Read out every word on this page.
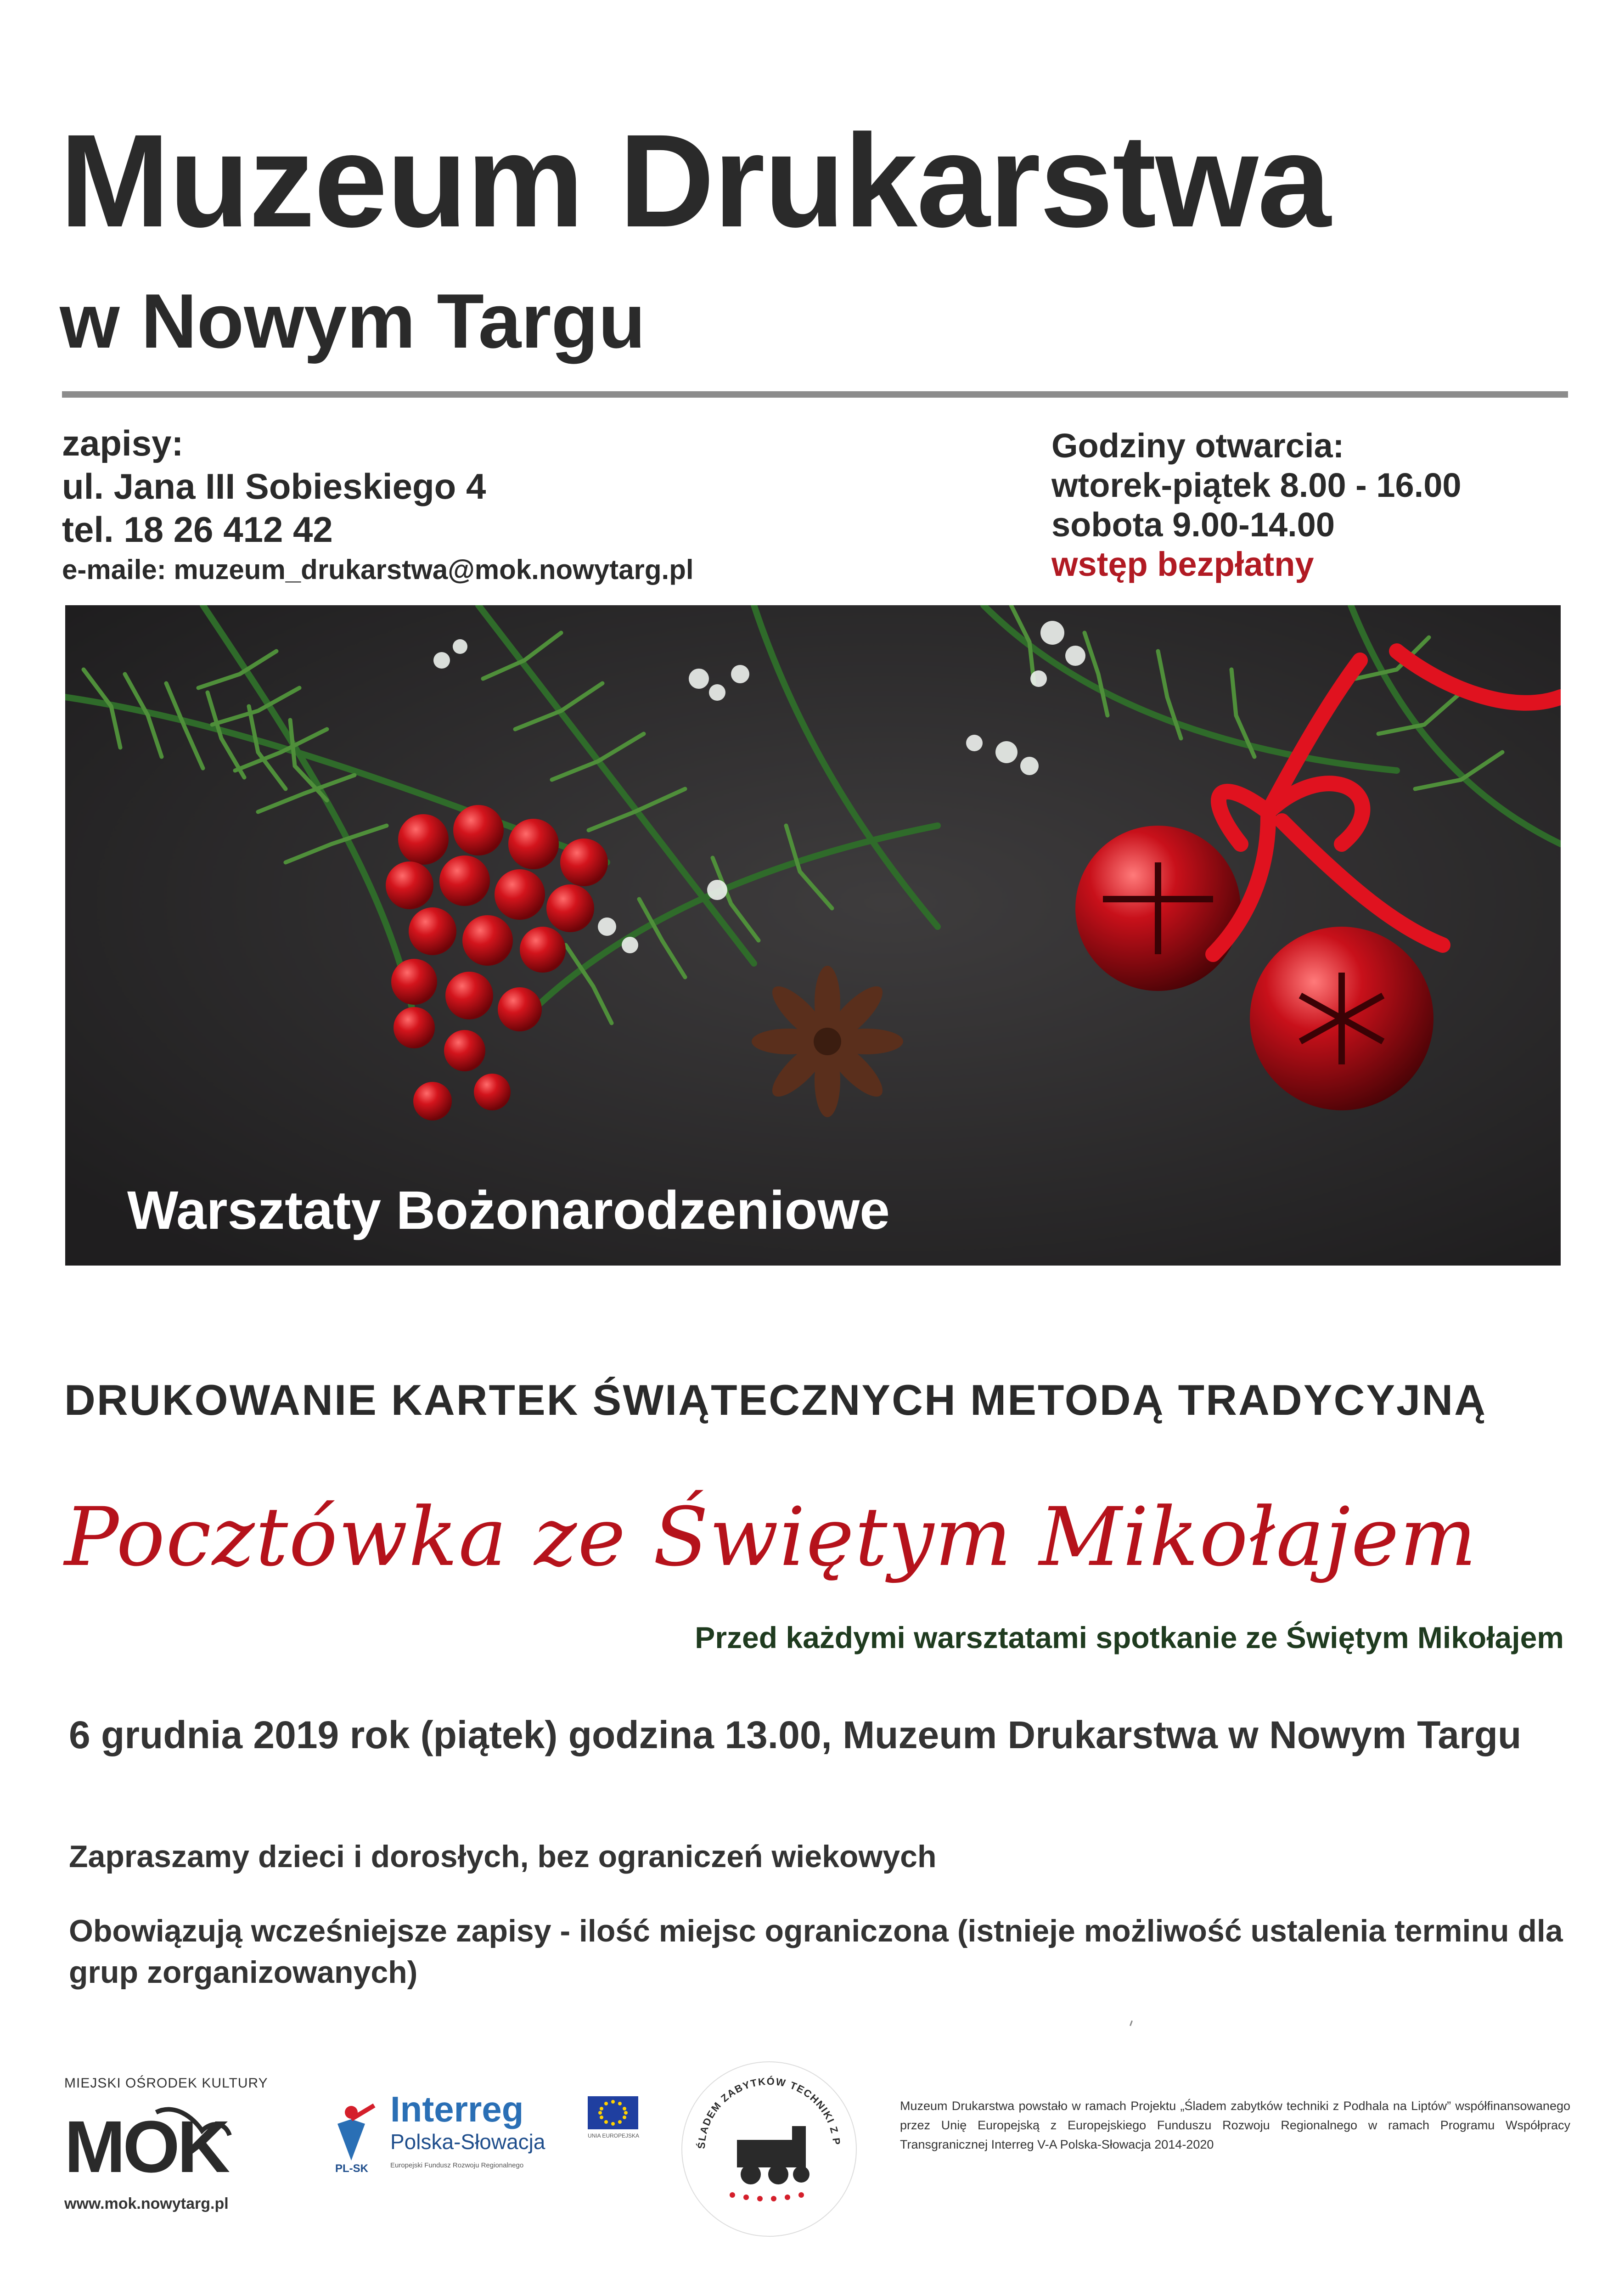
Muzeum Drukarstwa
w Nowym Targu
zapisy:
ul. Jana III Sobieskiego 4
tel. 18 26 412 42
e-maile: muzeum_drukarstwa@mok.nowytarg.pl
Godziny otwarcia:
wtorek-piątek 8.00 - 16.00
sobota 9.00-14.00
wstęp bezpłatny
Warsztaty Bożonarodzeniowe
DRUKOWANIE KARTEK ŚWIĄTECZNYCH METODĄ TRADYCYJNĄ
Pocztówka ze Świętym Mikołajem
Przed każdymi warsztatami spotkanie ze Świętym Mikołajem
6 grudnia 2019 rok (piątek) godzina 13.00, Muzeum Drukarstwa w Nowym Targu
Zapraszamy dzieci i dorosłych, bez ograniczeń wiekowych
Obowiązują wcześniejsze zapisy - ilość miejsc ograniczona (istnieje możliwość ustalenia terminu dla grup zorganizowanych)
MIEJSKI OŚRODEK KULTURY
MOK
www.mok.nowytarg.pl
PL-SK
Interreg
Polska-Słowacja
Europejski Fundusz Rozwoju Regionalnego
UNIA EUROPEJSKA
ŚLADEM ZABYTKÓW TECHNIKI Z P
Muzeum Drukarstwa powstało w ramach Projektu „Śladem zabytków techniki z Podhala na Liptów” współfinansowanego przez Unię Europejską z Europejskiego Funduszu Rozwoju Regionalnego w ramach Programu Współpracy Transgranicznej Interreg V-A Polska-Słowacja 2014-2020
